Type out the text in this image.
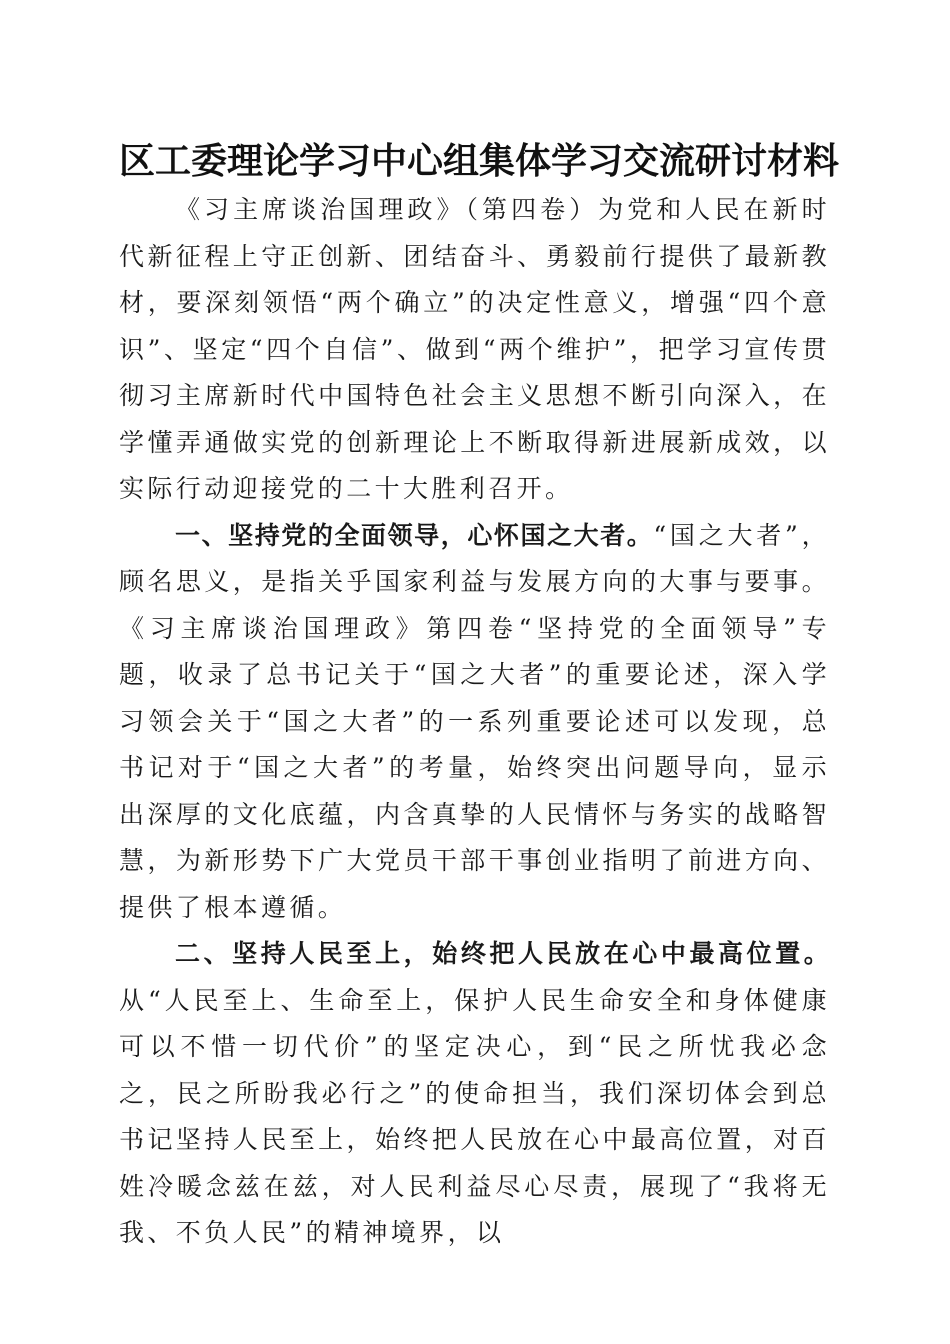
区工委理论学习中心组集体学习交流研讨材料

《习主席谈治国理政》（第四卷）为党和人民在新时代新征程上守正创新、团结奋斗、勇毅前行提供了最新教材，要深刻领悟“两个确立”的决定性意义，增强“四个意识”、坚定“四个自信”、做到“两个维护”，把学习宣传贯彻习主席新时代中国特色社会主义思想不断引向深入，在学懂弄通做实党的创新理论上不断取得新进展新成效，以实际行动迎接党的二十大胜利召开。

一、坚持党的全面领导，心怀国之大者。“国之大者”，顾名思义，是指关乎国家利益与发展方向的大事与要事。《习主席谈治国理政》第四卷“坚持党的全面领导”专题，收录了总书记关于“国之大者”的重要论述，深入学习领会关于“国之大者”的一系列重要论述可以发现，总书记对于“国之大者”的考量，始终突出问题导向，显示出深厚的文化底蕴，内含真挚的人民情怀与务实的战略智慧，为新形势下广大党员干部干事创业指明了前进方向、提供了根本遵循。

二、坚持人民至上，始终把人民放在心中最高位置。从“人民至上、生命至上，保护人民生命安全和身体健康可以不惜一切代价”的坚定决心，到“民之所忧我必念之，民之所盼我必行之”的使命担当，我们深切体会到总书记坚持人民至上，始终把人民放在心中最高位置，对百姓冷暖念兹在兹，对人民利益尽心尽责，展现了“我将无我、不负人民”的精神境界，以
